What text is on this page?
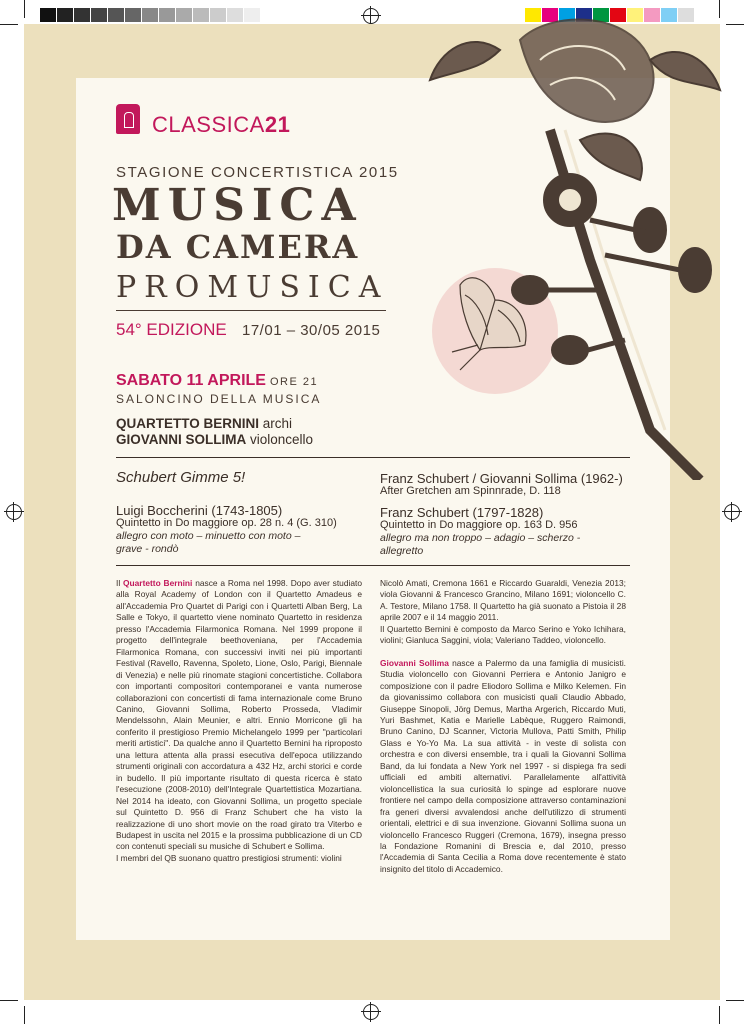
CLASSICA21
STAGIONE CONCERTISTICA 2015
MUSICA
DA CAMERA
PROMUSICA
54° EDIZIONE 17/01 – 30/05 2015
SABATO 11 APRILE ORE 21
SALONCINO DELLA MUSICA
QUARTETTO BERNINI archi
GIOVANNI SOLLIMA violoncello
Schubert Gimme 5!
Luigi Boccherini (1743-1805)
Quintetto in Do maggiore op. 28 n. 4 (G. 310)
allegro con moto – minuetto con moto –
grave - rondò
Franz Schubert / Giovanni Sollima (1962-)
After Gretchen am Spinnrade, D. 118
Franz Schubert (1797-1828)
Quintetto in Do maggiore op. 163 D. 956
allegro ma non troppo – adagio – scherzo -
allegretto

Il Quartetto Bernini nasce a Roma nel 1998. Dopo aver studiato alla Royal Academy of London con il Quartetto Amadeus e all'Accademia Pro Quartet di Parigi con i Quartetti Alban Berg, La Salle e Tokyo, il quartetto viene nominato Quartetto in residenza presso l'Accademia Filarmonica Romana. Nel 1999 propone il progetto dell'integrale beethoveniana, per l'Accademia Filarmonica Romana, con successivi inviti nei più importanti Festival (Ravello, Ravenna, Spoleto, Lione, Oslo, Parigi, Biennale di Venezia) e nelle più rinomate stagioni concertistiche. Collabora con importanti compositori contemporanei e vanta numerose collaborazioni con concertisti di fama internazionale come Bruno Canino, Giovanni Sollima, Roberto Prosseda, Vladimir Mendelssohn, Alain Meunier, e altri. Ennio Morricone gli ha conferito il prestigioso Premio Michelangelo 1999 per "particolari meriti artistici". Da qualche anno il Quartetto Bernini ha riproposto una lettura attenta alla prassi esecutiva dell'epoca utilizzando strumenti originali con accordatura a 432 Hz, archi storici e corde in budello. Il più importante risultato di questa ricerca è stato l'esecuzione (2008-2010) dell'Integrale Quartettistica Mozartiana. Nel 2014 ha ideato, con Giovanni Sollima, un progetto speciale sul Quintetto D. 956 di Franz Schubert che ha visto la realizzazione di uno short movie on the road girato tra Viterbo e Budapest in uscita nel 2015 e la prossima pubblicazione di un CD con contenuti speciali su musiche di Schubert e Sollima.

I membri del QB suonano quattro prestigiosi strumenti: violini

Nicolò Amati, Cremona 1661 e Riccardo Guaraldi, Venezia 2013; viola Giovanni & Francesco Grancino, Milano 1691; violoncello C. A. Testore, Milano 1758. Il Quartetto ha già suonato a Pistoia il 28 aprile 2007 e il 14 maggio 2011.

Il Quartetto Bernini è composto da Marco Serino e Yoko Ichihara, violini; Gianluca Saggini, viola; Valeriano Taddeo, violoncello.

Giovanni Sollima nasce a Palermo da una famiglia di musicisti. Studia violoncello con Giovanni Perriera e Antonio Janigro e composizione con il padre Eliodoro Sollima e Milko Kelemen. Fin da giovanissimo collabora con musicisti quali Claudio Abbado, Giuseppe Sinopoli, Jörg Demus, Martha Argerich, Riccardo Muti, Yuri Bashmet, Katia e Marielle Labèque, Ruggero Raimondi, Bruno Canino, DJ Scanner, Victoria Mullova, Patti Smith, Philip Glass e Yo-Yo Ma. La sua attività - in veste di solista con orchestra e con diversi ensemble, tra i quali la Giovanni Sollima Band, da lui fondata a New York nel 1997 - si dispiega fra sedi ufficiali ed ambiti alternativi. Parallelamente all'attività violoncellistica la sua curiosità lo spinge ad esplorare nuove frontiere nel campo della composizione attraverso contaminazioni fra generi diversi avvalendosi anche dell'utilizzo di strumenti orientali, elettrici e di sua invenzione. Giovanni Sollima suona un violoncello Francesco Ruggeri (Cremona, 1679), insegna presso la Fondazione Romanini di Brescia e, dal 2010, presso l'Accademia di Santa Cecilia a Roma dove recentemente è stato insignito del titolo di Accademico.
